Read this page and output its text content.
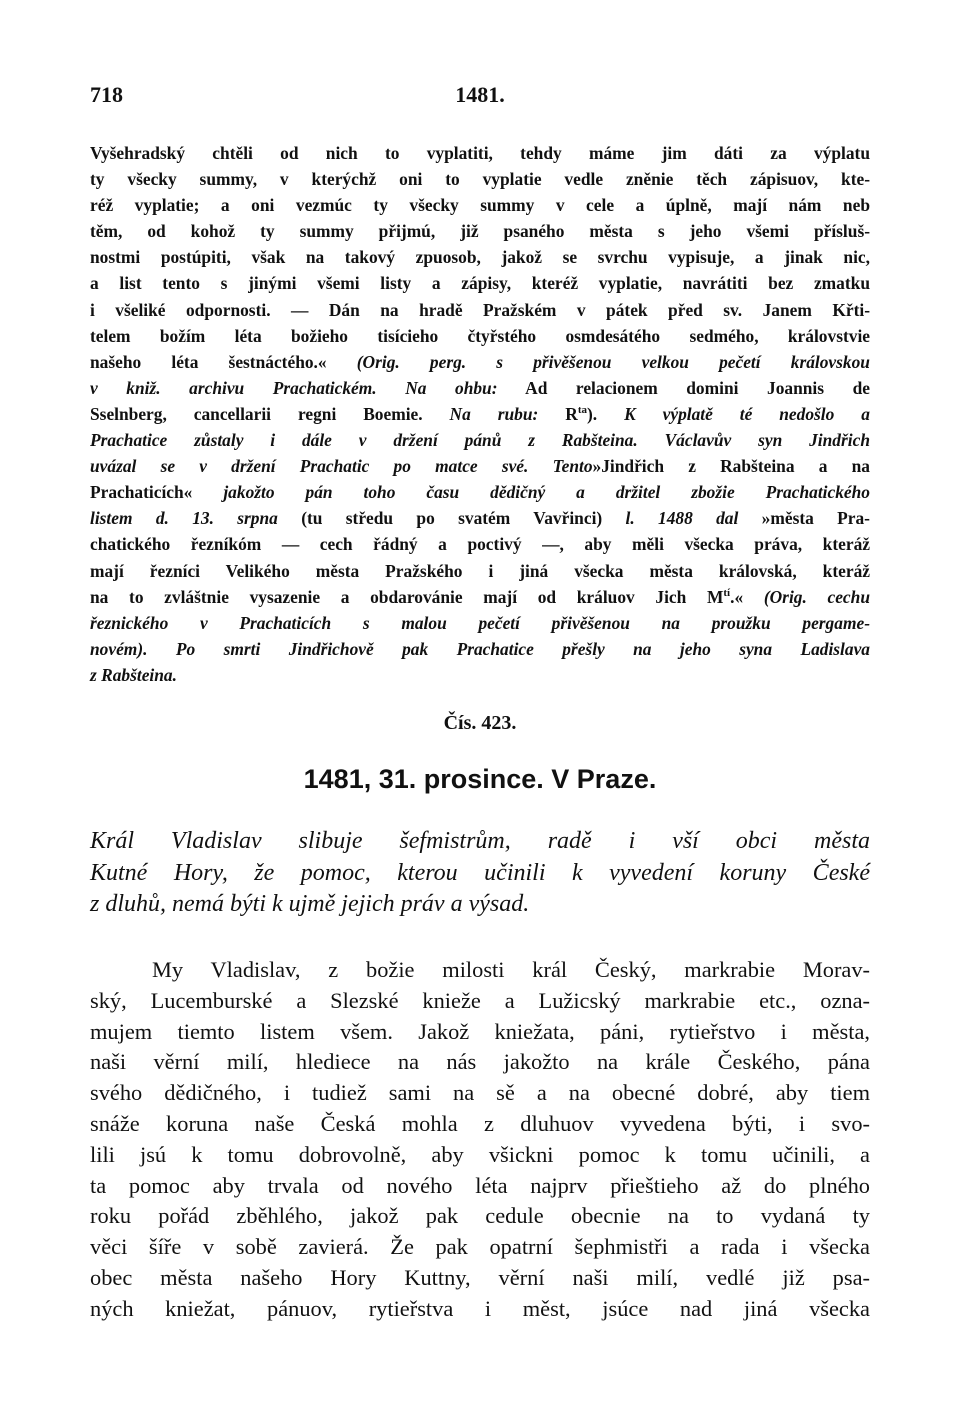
718	1481.
Vyšehradský chtěli od nich to vyplatiti, tehdy máme jim dáti za výplatu
ty všecky summy, v kterýchž oni to vyplatie vedle zněnie těch zápisuov, kte-
réž vyplatie; a oni vezmúc ty všecky summy v cele a úplně, mají nám neb
těm, od kohož ty summy přijmú, již psaného města s jeho všemi přísluš-
nostmi postúpiti, však na takový zpuosob, jakož se svrchu vypisuje, a jinak nic,
a list tento s jinými všemi listy a zápisy, kteréž vyplatie, navrátiti bez zmatku
i všeliké odpornosti. — Dán na hradě Pražském v pátek před sv. Janem Křti-
telem božím léta božieho tisícieho čtyřstého osmdesátého sedmého, královstvie
našeho léta šestnáctého.« (Orig. perg. s přivěšenou velkou pečetí královskou
v kniž. archivu Prachatickém. Na ohbu: Ad relacionem domini Joannis de
Sselnberg, cancellarii regni Boemie. Na rubu: $R^{ta}$). K výplatě té nedošlo a
Prachatice zůstaly i dále v držení pánů z Rabšteina. Václavův syn Jindřich
uvázal se v držení Prachatic po matce své. Tento»Jindřich z Rabšteina a na
Prachaticích« jakožto pán toho času dědičný a držitel zbožie Prachatického
listem d. 13. srpna (tu středu po svatém Vavřinci) l. 1488 dal »města Pra-
chatického řezníkóm — cech řádný a poctivý —, aby měli všecka práva, kteráž
mají řezníci Velikého města Pražského i jiná všecka města královská, kteráž
na to zvláštnie vysazenie a obdarovánie mají od králuov Jich $M^{tí}.«$ (Orig. cechu
řeznického v Prachaticích s malou pečetí přivěšenou na proužku pergame-
novém). Po smrti Jindřichově pak Prachatice přešly na jeho syna Ladislava
z Rabšteina.
Čís. 423.
1481, 31. prosince. V Praze.
Král Vladislav slibuje šefmistrům, radě i vší obci města
Kutné Hory, že pomoc, kterou učinili k vyvedení koruny České
z dluhů, nemá býti k ujmě jejich práv a výsad.
My Vladislav, z božie milosti král Český, markrabie Morav-
ský, Lucemburské a Slezské knieže a Lužicský markrabie etc., ozna-
mujem tiemto listem všem. Jakož kniežata, páni, rytieřstvo i města,
naši věrní milí, hlediece na nás jakožto na krále Českého, pána
svého dědičného, i tudiež sami na sě a na obecné dobré, aby tiem
snáže koruna naše Česká mohla z dluhuov vyvedena býti, i svo-
lili jsú k tomu dobrovolně, aby všickni pomoc k tomu učinili, a
ta pomoc aby trvala od nového léta najprv přieštieho až do plného
roku pořád zběhlého, jakož pak cedule obecnie na to vydaná ty
věci šíře v sobě zavierá. Že pak opatrní šephmistři a rada i všecka
obec města našeho Hory Kuttny, věrní naši milí, vedlé již psa-
ných kniežat, pánuov, rytieřstva i měst, jsúce nad jiná všecka
